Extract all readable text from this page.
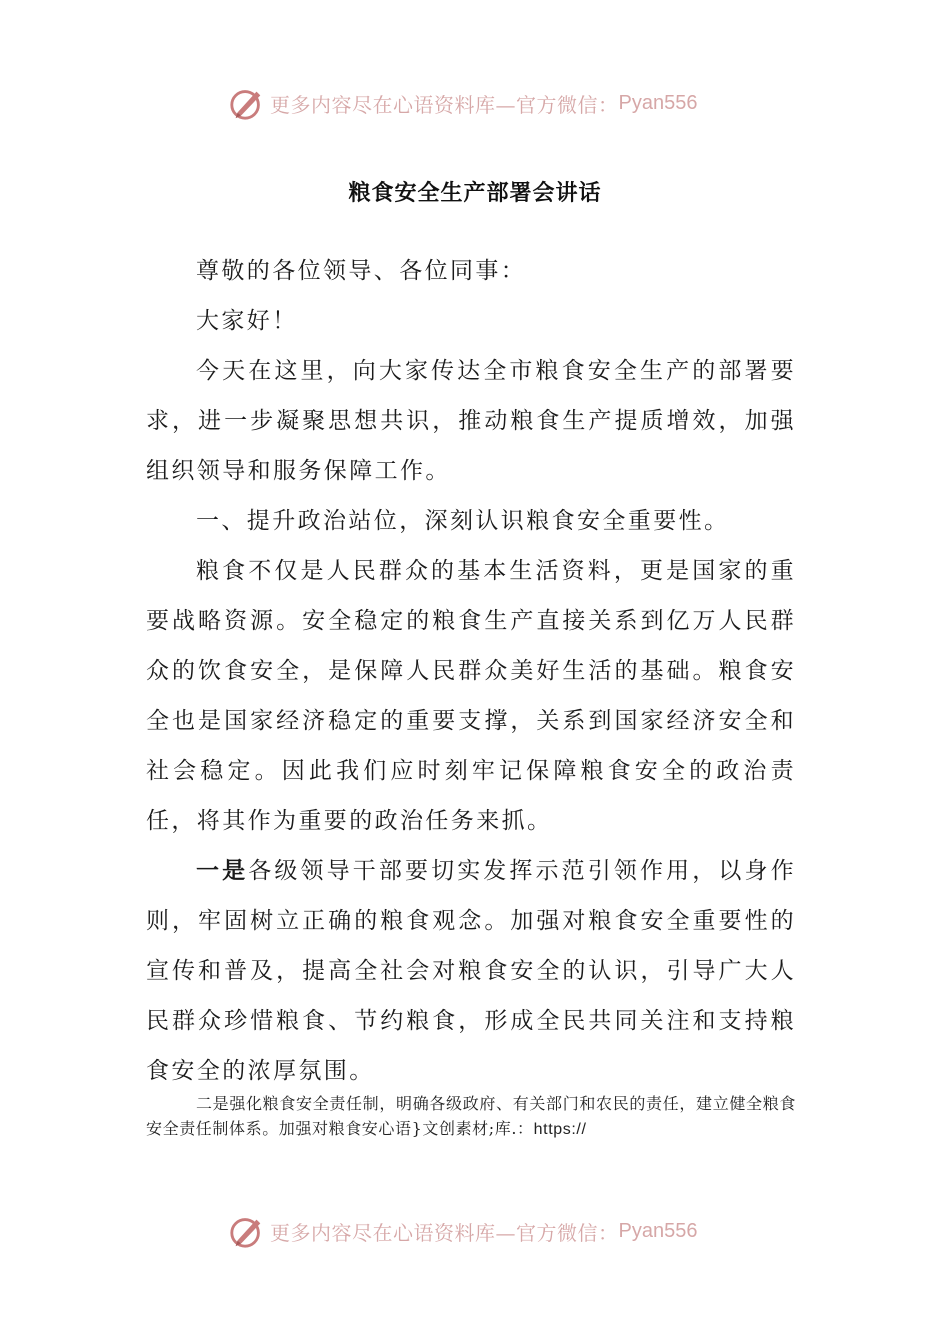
更多内容尽在心语资料库—官方微信： Pyan556
粮食安全生产部署会讲话

尊敬的各位领导、各位同事：

大家好！

今天在这里，向大家传达全市粮食安全生产的部署要求，进一步凝聚思想共识，推动粮食生产提质增效，加强组织领导和服务保障工作。

一、提升政治站位，深刻认识粮食安全重要性。

粮食不仅是人民群众的基本生活资料，更是国家的重要战略资源。安全稳定的粮食生产直接关系到亿万人民群众的饮食安全，是保障人民群众美好生活的基础。粮食安全也是国家经济稳定的重要支撑，关系到国家经济安全和社会稳定。因此我们应时刻牢记保障粮食安全的政治责任，将其作为重要的政治任务来抓。

一是各级领导干部要切实发挥示范引领作用，以身作则，牢固树立正确的粮食观念。加强对粮食安全重要性的宣传和普及，提高全社会对粮食安全的认识，引导广大人民群众珍惜粮食、节约粮食，形成全民共同关注和支持粮食安全的浓厚氛围。

二是强化粮食安全责任制，明确各级政府、有关部门和农民的责任，建立健全粮食安全责任制体系。加强对粮食安心语}文创素材;库.：https://

更多内容尽在心语资料库—官方微信： Pyan556
